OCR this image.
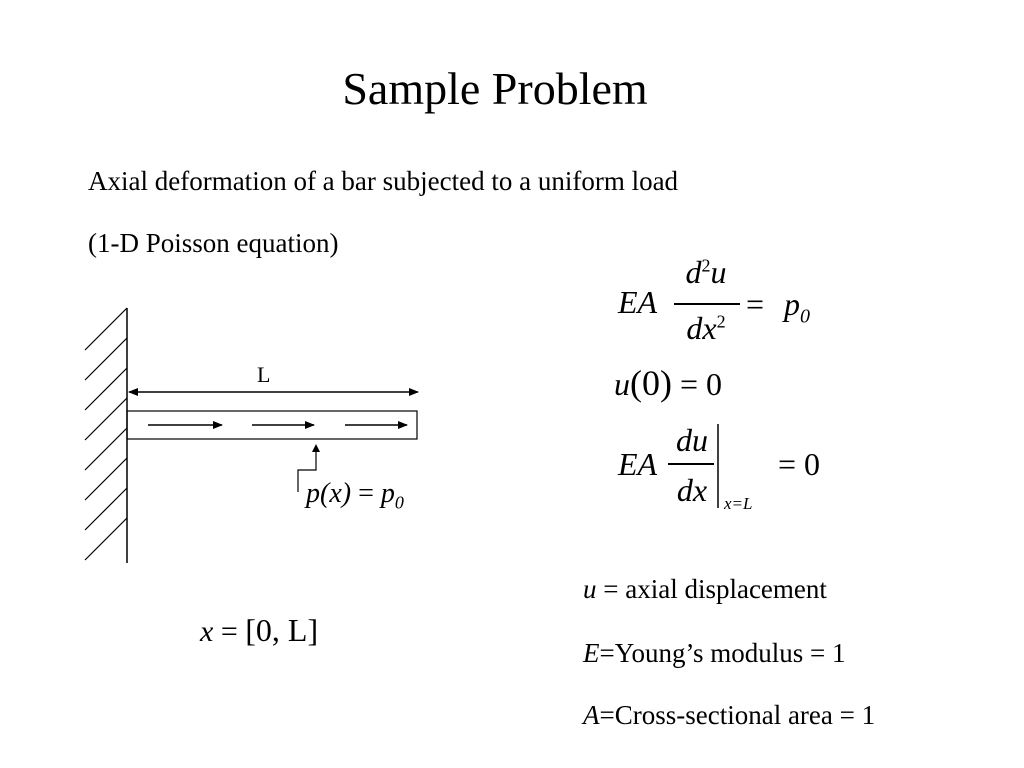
Sample Problem
Axial deformation of a bar subjected to a uniform load
(1-D Poisson equation)
L
$p(x) = p_0$
x = [0, L]
EA
$d^2u$
$dx^2 = p_0$
u(0) = 0
EA
du
dx x=L
= 0
u = axial displacement
E=Young’s modulus = 1
A=Cross-sectional area = 1
